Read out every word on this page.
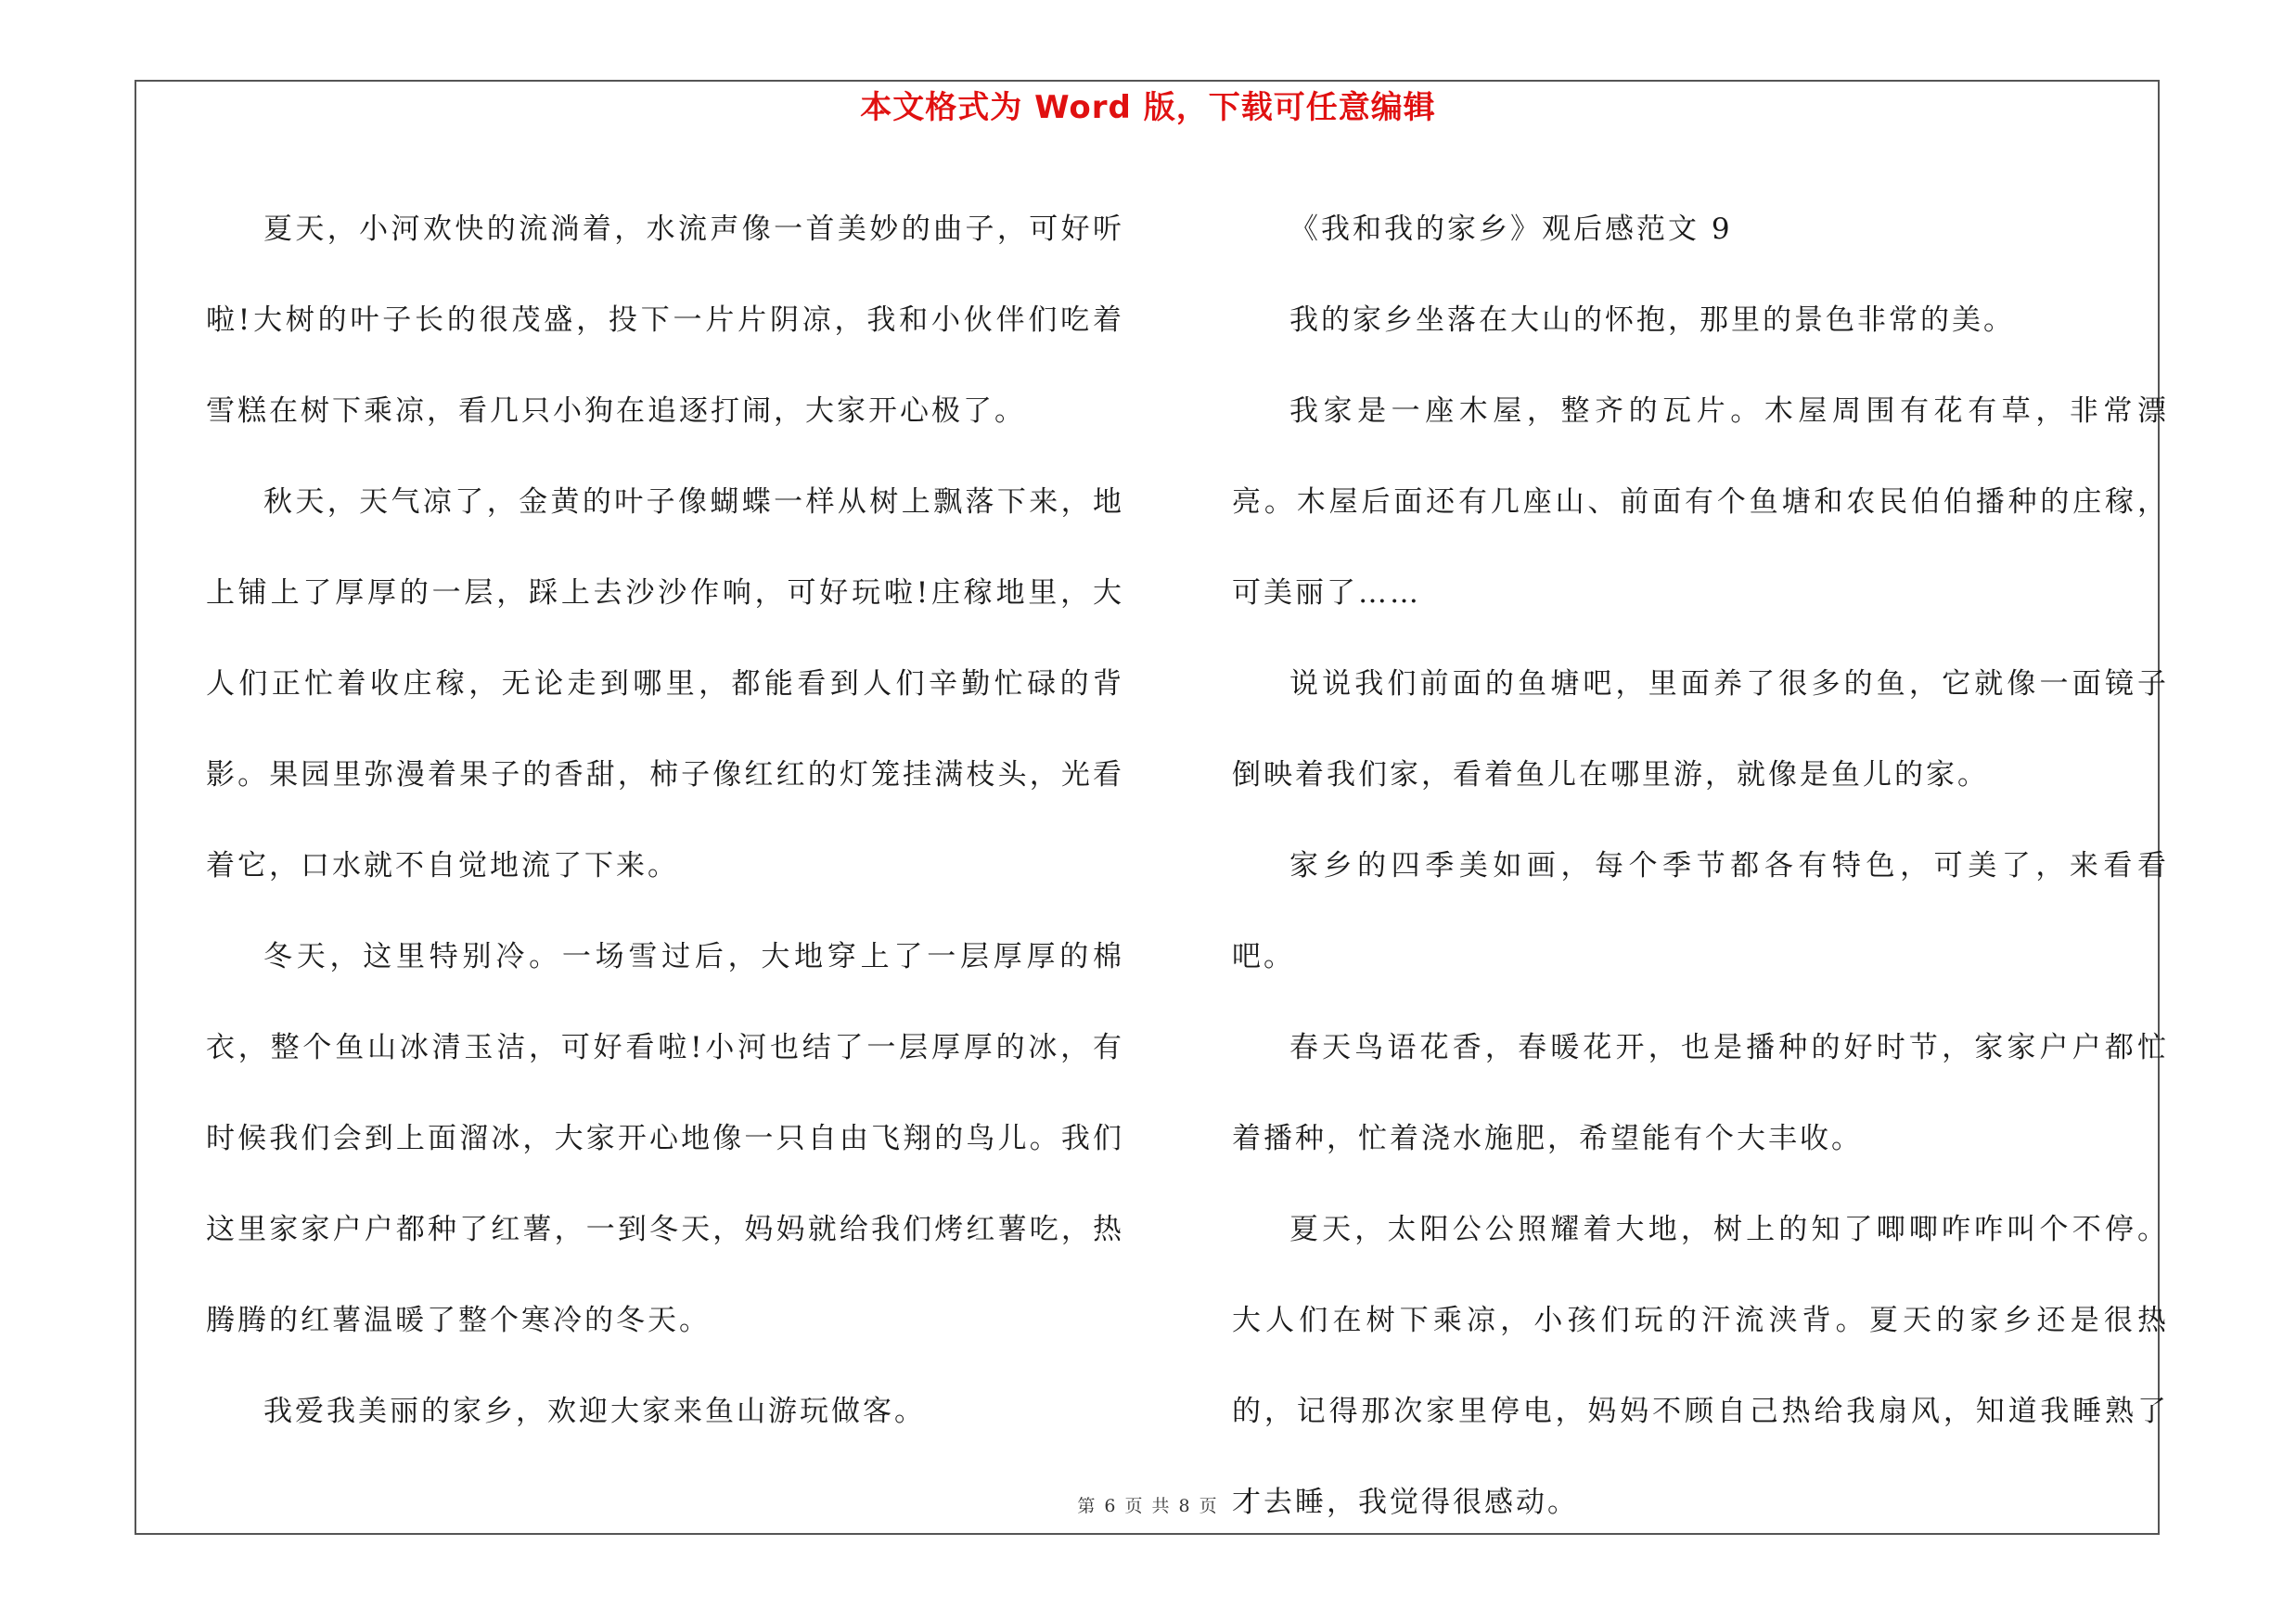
本文格式为 Word 版，下载可任意编辑

夏天，小河欢快的流淌着，水流声像一首美妙的曲子，可好听啦!大树的叶子长的很茂盛，投下一片片阴凉，我和小伙伴们吃着雪糕在树下乘凉，看几只小狗在追逐打闹，大家开心极了。

秋天，天气凉了，金黄的叶子像蝴蝶一样从树上飘落下来，地上铺上了厚厚的一层，踩上去沙沙作响，可好玩啦!庄稼地里，大人们正忙着收庄稼，无论走到哪里，都能看到人们辛勤忙碌的背影。果园里弥漫着果子的香甜，柿子像红红的灯笼挂满枝头，光看着它，口水就不自觉地流了下来。

冬天，这里特别冷。一场雪过后，大地穿上了一层厚厚的棉衣，整个鱼山冰清玉洁，可好看啦!小河也结了一层厚厚的冰，有时候我们会到上面溜冰，大家开心地像一只自由飞翔的鸟儿。我们这里家家户户都种了红薯，一到冬天，妈妈就给我们烤红薯吃，热腾腾的红薯温暖了整个寒冷的冬天。

我爱我美丽的家乡，欢迎大家来鱼山游玩做客。

《我和我的家乡》观后感范文 9

我的家乡坐落在大山的怀抱，那里的景色非常的美。

我家是一座木屋，整齐的瓦片。木屋周围有花有草，非常漂亮。木屋后面还有几座山、前面有个鱼塘和农民伯伯播种的庄稼，可美丽了……

说说我们前面的鱼塘吧，里面养了很多的鱼，它就像一面镜子倒映着我们家，看着鱼儿在哪里游，就像是鱼儿的家。

家乡的四季美如画，每个季节都各有特色，可美了，来看看吧。

春天鸟语花香，春暖花开，也是播种的好时节，家家户户都忙着播种，忙着浇水施肥，希望能有个大丰收。

夏天，太阳公公照耀着大地，树上的知了唧唧咋咋叫个不停。大人们在树下乘凉，小孩们玩的汗流浃背。夏天的家乡还是很热的，记得那次家里停电，妈妈不顾自己热给我扇风，知道我睡熟了才去睡，我觉得很感动。

第 6 页 共 8 页
